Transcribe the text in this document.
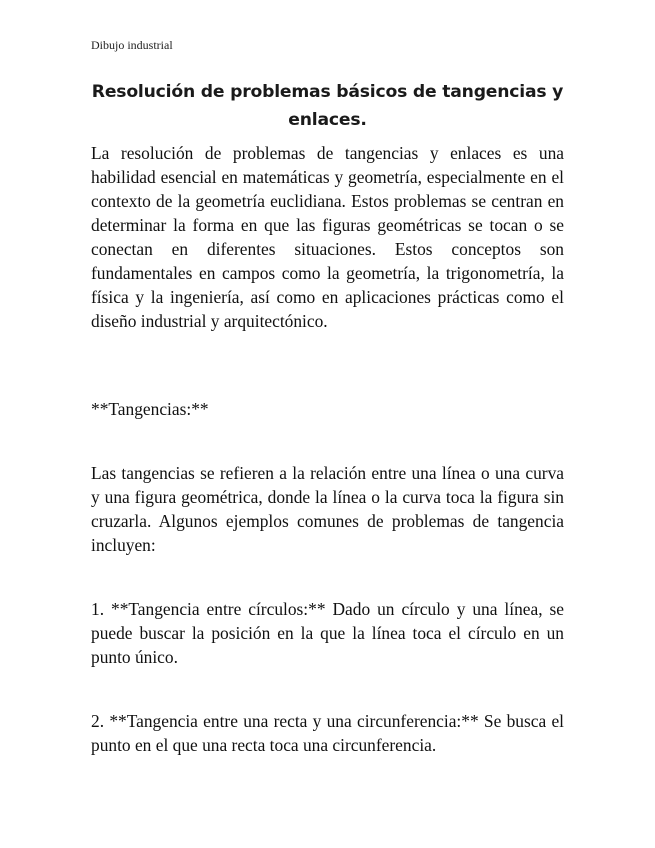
Dibujo industrial
Resolución de problemas básicos de tangencias y enlaces.

La resolución de problemas de tangencias y enlaces es una habilidad esencial en matemáticas y geometría, especialmente en el contexto de la geometría euclidiana. Estos problemas se centran en determinar la forma en que las figuras geométricas se tocan o se conectan en diferentes situaciones. Estos conceptos son fundamentales en campos como la geometría, la trigonometría, la física y la ingeniería, así como en aplicaciones prácticas como el diseño industrial y arquitectónico.

**Tangencias:**

Las tangencias se refieren a la relación entre una línea o una curva y una figura geométrica, donde la línea o la curva toca la figura sin cruzarla. Algunos ejemplos comunes de problemas de tangencia incluyen:

1. **Tangencia entre círculos:** Dado un círculo y una línea, se puede buscar la posición en la que la línea toca el círculo en un punto único.

2. **Tangencia entre una recta y una circunferencia:** Se busca el punto en el que una recta toca una circunferencia.
